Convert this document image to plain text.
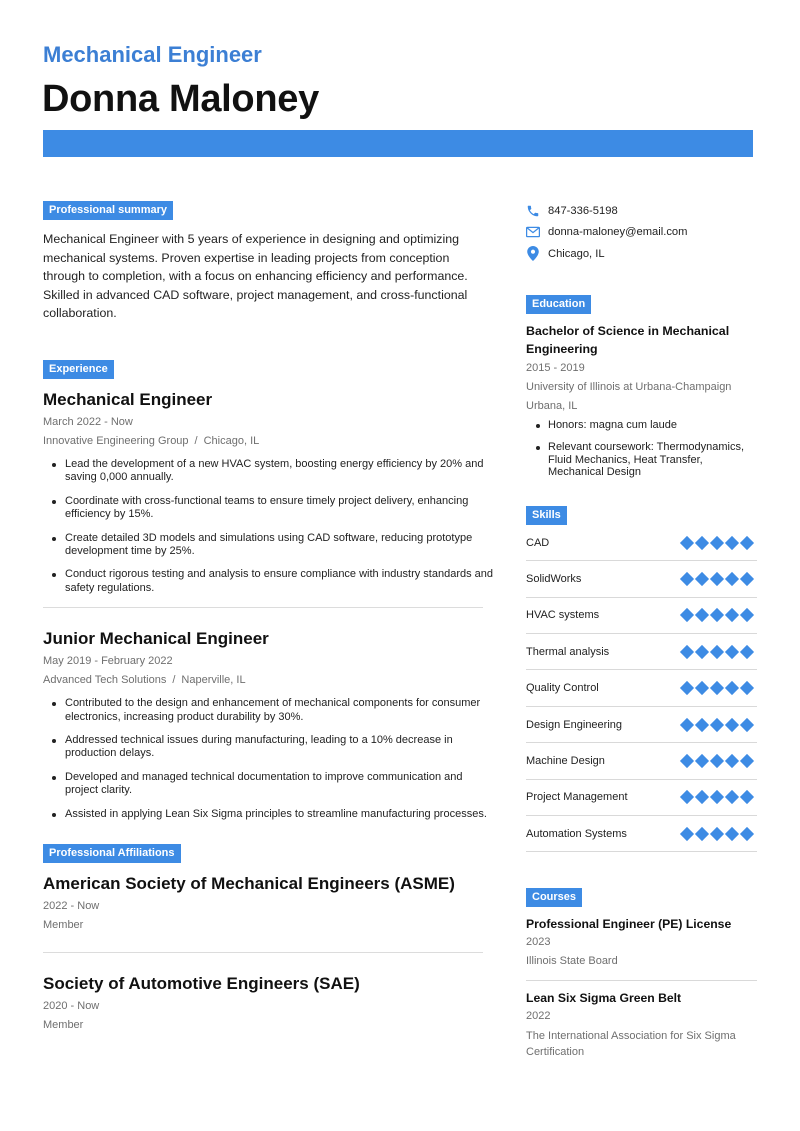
Mechanical Engineer
Donna Maloney
Professional summary

Mechanical Engineer with 5 years of experience in designing and optimizing mechanical systems. Proven expertise in leading projects from conception through to completion, with a focus on enhancing efficiency and performance. Skilled in advanced CAD software, project management, and cross-functional collaboration.

Experience
Mechanical Engineer
March 2022 - Now
Innovative Engineering Group / Chicago, IL
Lead the development of a new HVAC system, boosting energy efficiency by 20% and saving 0,000 annually.
Coordinate with cross-functional teams to ensure timely project delivery, enhancing efficiency by 15%.
Create detailed 3D models and simulations using CAD software, reducing prototype development time by 25%.
Conduct rigorous testing and analysis to ensure compliance with industry standards and safety regulations.
Junior Mechanical Engineer
May 2019 - February 2022
Advanced Tech Solutions / Naperville, IL
Contributed to the design and enhancement of mechanical components for consumer electronics, increasing product durability by 30%.
Addressed technical issues during manufacturing, leading to a 10% decrease in production delays.
Developed and managed technical documentation to improve communication and project clarity.
Assisted in applying Lean Six Sigma principles to streamline manufacturing processes.
Professional Affiliations
American Society of Mechanical Engineers (ASME)
2022 - Now
Member
Society of Automotive Engineers (SAE)
2020 - Now
Member
847-336-5198
donna-maloney@email.com
Chicago, IL
Education
Bachelor of Science in Mechanical Engineering
2015 - 2019
University of Illinois at Urbana-Champaign
Urbana, IL
Honors: magna cum laude
Relevant coursework: Thermodynamics, Fluid Mechanics, Heat Transfer, Mechanical Design
Skills
CAD
SolidWorks
HVAC systems
Thermal analysis
Quality Control
Design Engineering
Machine Design
Project Management
Automation Systems
Courses
Professional Engineer (PE) License
2023
Illinois State Board
Lean Six Sigma Green Belt
2022
The International Association for Six Sigma Certification
